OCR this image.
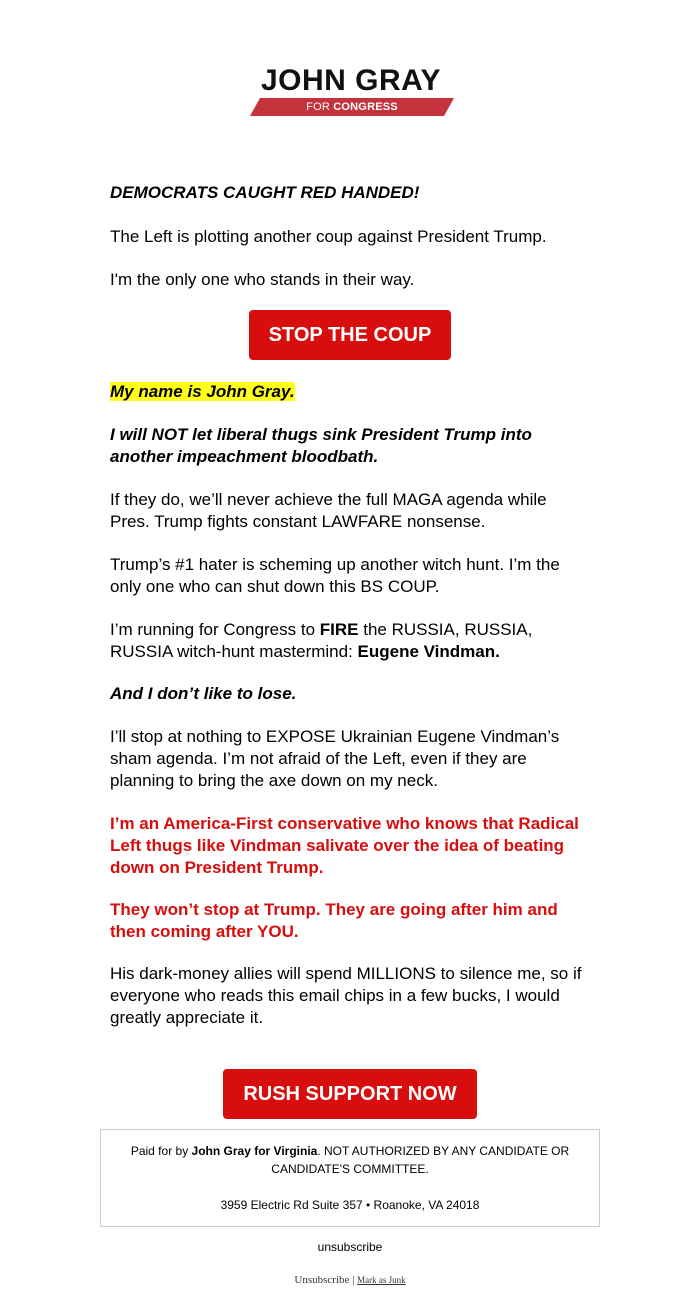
JOHN GRAY
FOR CONGRESS

DEMOCRATS CAUGHT RED HANDED!

The Left is plotting another coup against President Trump.

I'm the only one who stands in their way.

STOP THE COUP

My name is John Gray.

I will NOT let liberal thugs sink President Trump into another impeachment bloodbath.

If they do, we’ll never achieve the full MAGA agenda while Pres. Trump fights constant LAWFARE nonsense.

Trump’s #1 hater is scheming up another witch hunt. I’m the only one who can shut down this BS COUP.

I’m running for Congress to FIRE the RUSSIA, RUSSIA, RUSSIA witch-hunt mastermind: Eugene Vindman.

And I don’t like to lose.

I’ll stop at nothing to EXPOSE Ukrainian Eugene Vindman’s sham agenda. I’m not afraid of the Left, even if they are planning to bring the axe down on my neck.

I’m an America-First conservative who knows that Radical Left thugs like Vindman salivate over the idea of beating down on President Trump.

They won’t stop at Trump. They are going after him and then coming after YOU.

His dark-money allies will spend MILLIONS to silence me, so if everyone who reads this email chips in a few bucks, I would greatly appreciate it.

RUSH SUPPORT NOW
Paid for by John Gray for Virginia. NOT AUTHORIZED BY ANY CANDIDATE OR CANDIDATE'S COMMITTEE.
3959 Electric Rd Suite 357 • Roanoke, VA 24018
unsubscribe
Unsubscribe | Mark as Junk
